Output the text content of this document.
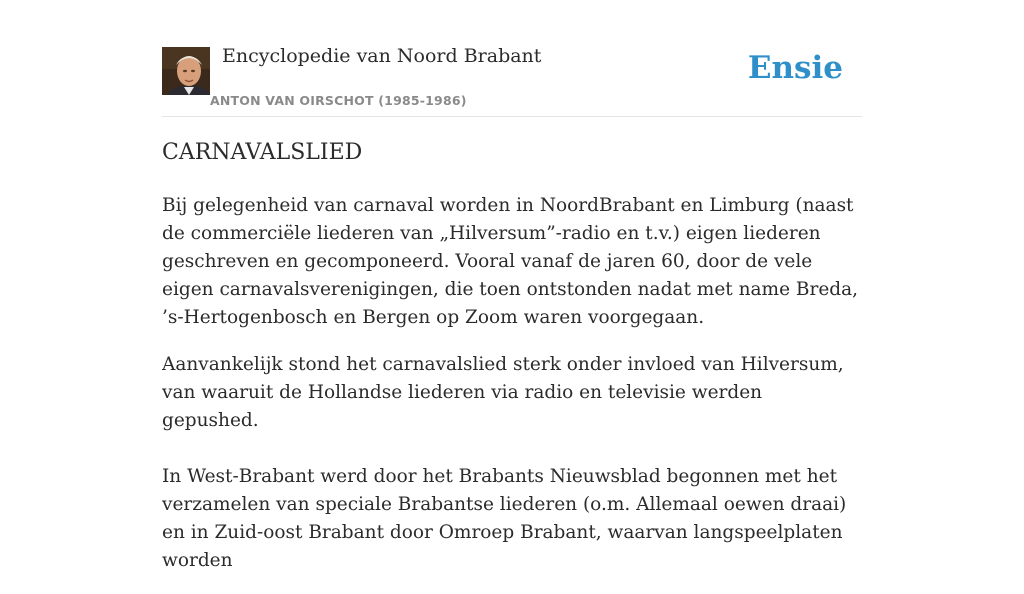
Encyclopedie van Noord Brabant
ANTON VAN OIRSCHOT (1985-1986)
Ensie
CARNAVALSLIED

Bij gelegenheid van carnaval worden in NoordBrabant en Limburg (naast de commerciële liederen van „Hilversum”-radio en t.v.) eigen liederen geschreven en gecomponeerd. Vooral vanaf de jaren 60, door de vele eigen carnavalsverenigingen, die toen ontstonden nadat met name Breda, ’s-Hertogenbosch en Bergen op Zoom waren voorgegaan.

Aanvankelijk stond het carnavalslied sterk onder invloed van Hilversum, van waaruit de Hollandse liederen via radio en televisie werden gepushed.

In West-Brabant werd door het Brabants Nieuwsblad begonnen met het verzamelen van speciale Brabantse liederen (o.m. Allemaal oewen draai) en in Zuid-oost Brabant door Omroep Brabant, waarvan langspeelplaten worden
